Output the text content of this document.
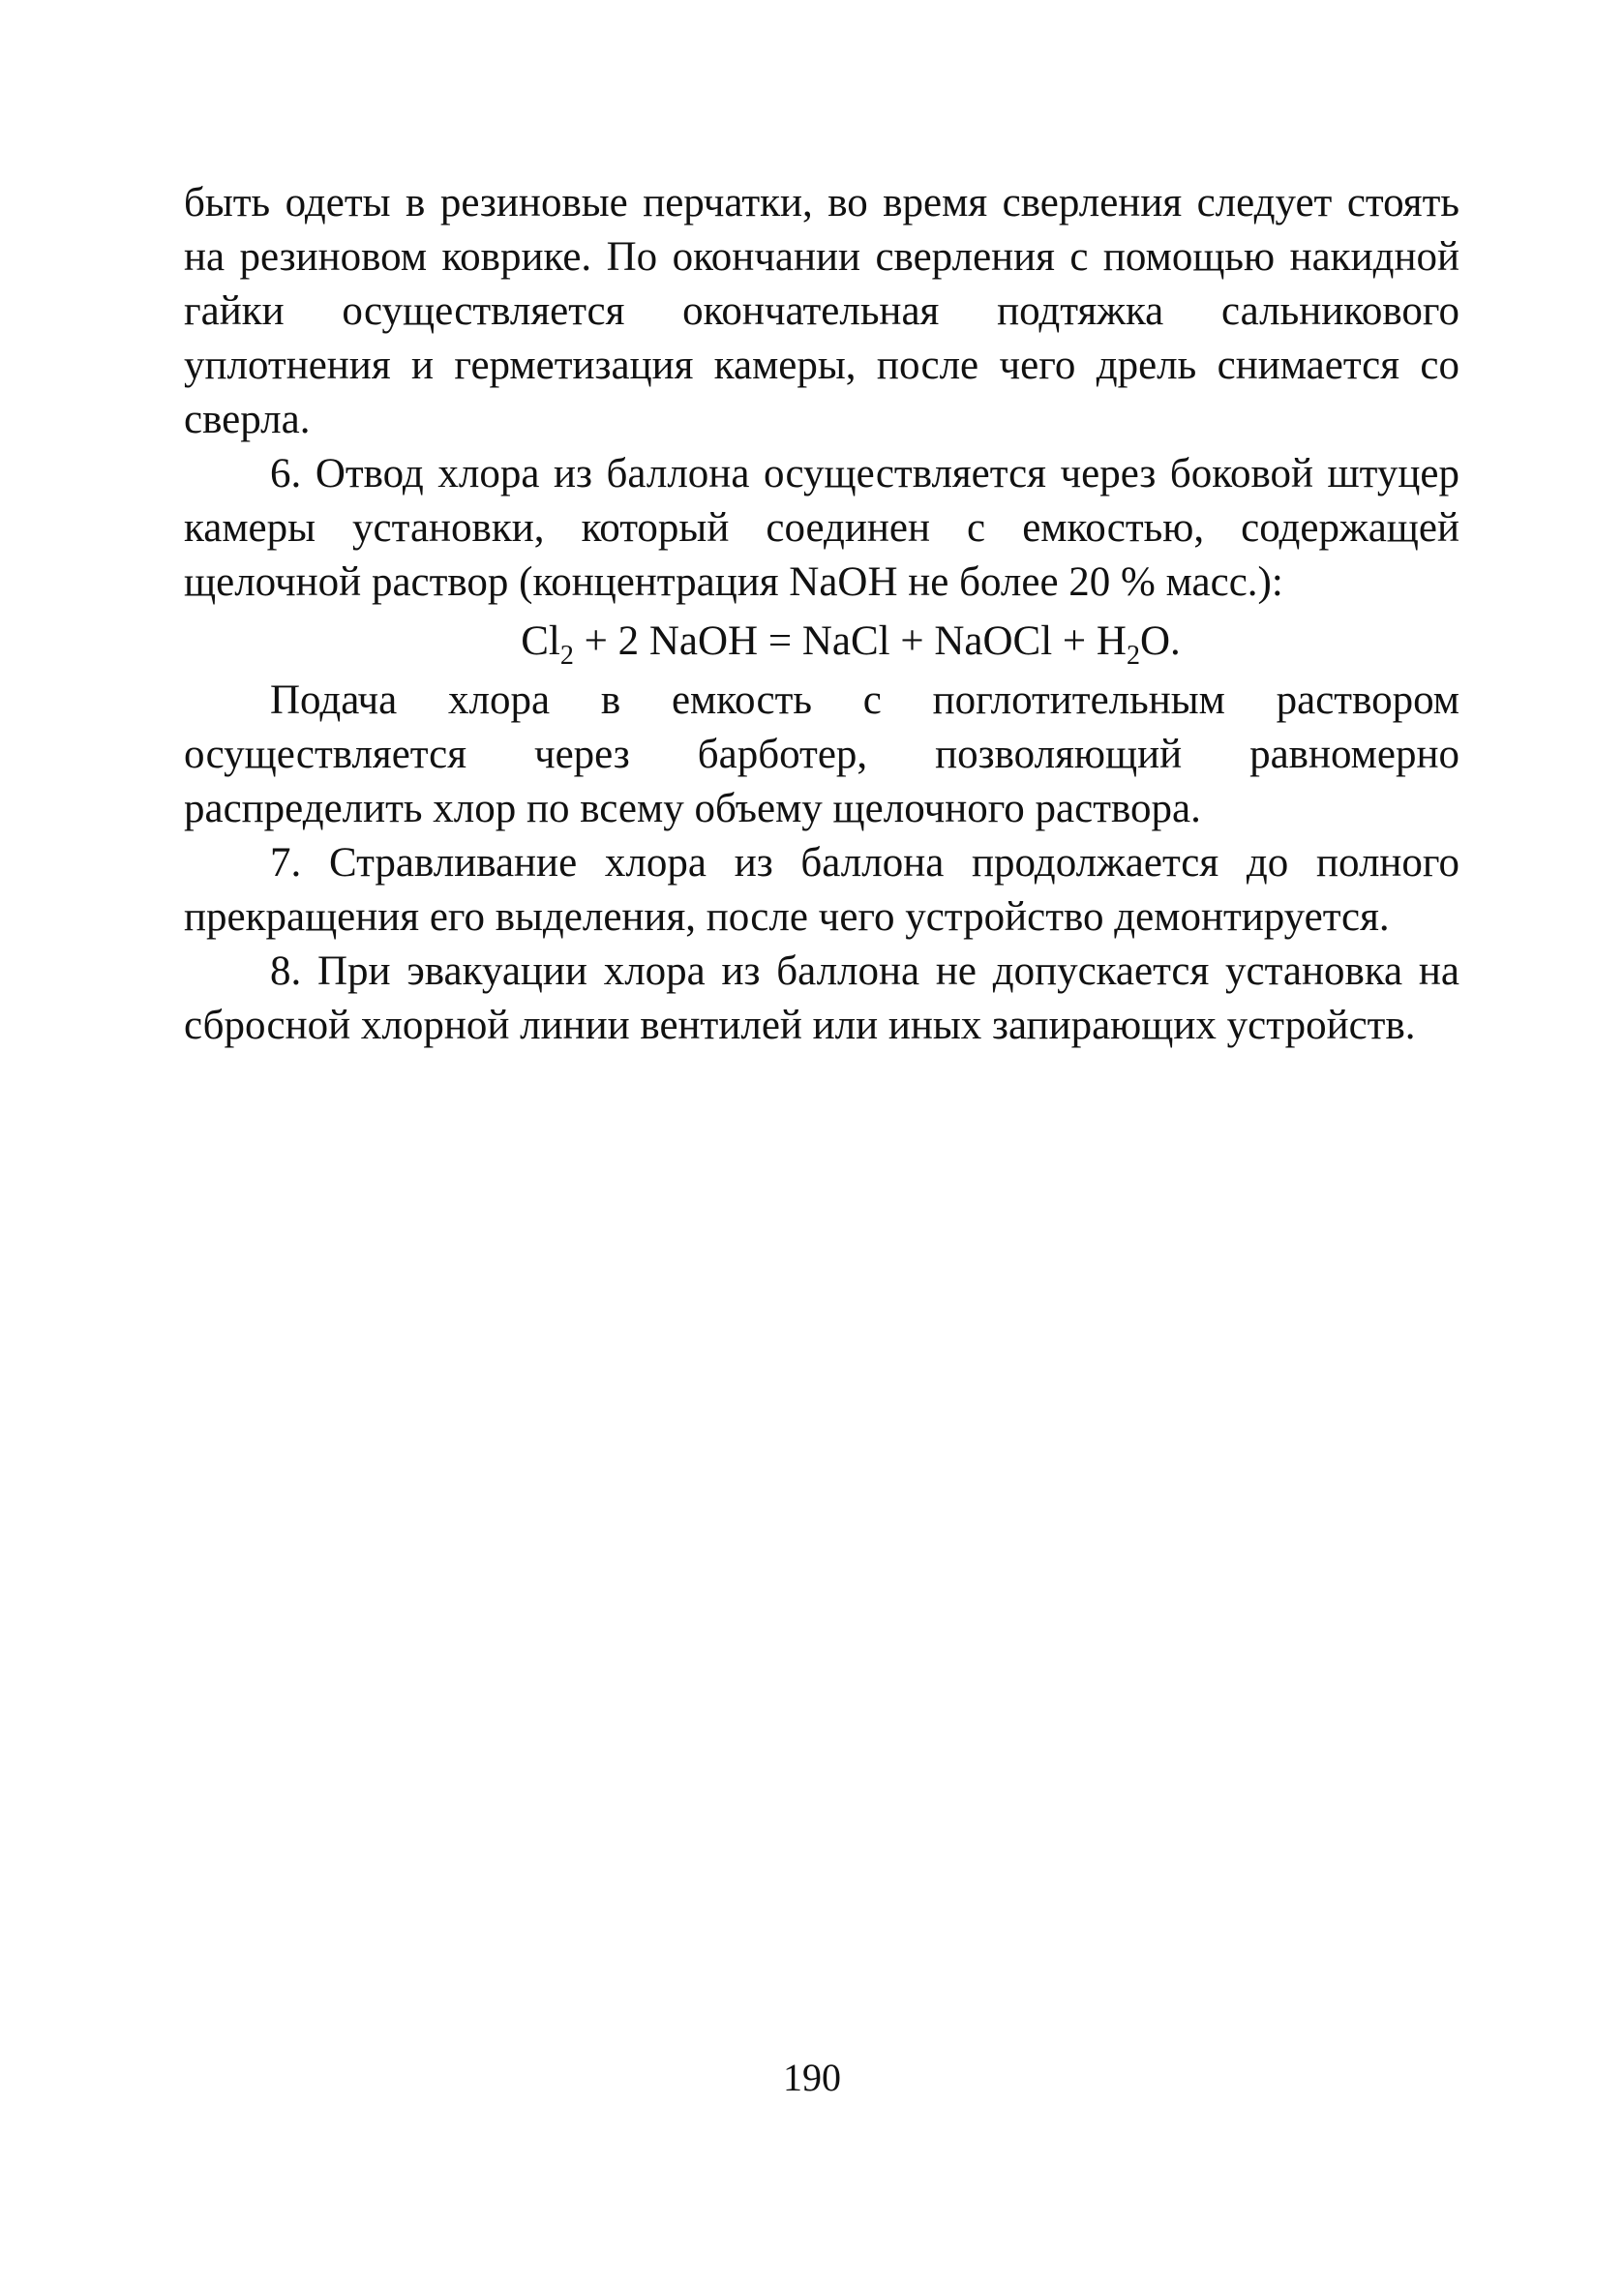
быть одеты в резиновые перчатки, во время сверления следует стоять на резиновом коврике. По окончании сверления с помощью накидной гайки осуществляется окончательная подтяжка сальникового уплотнения и герметизация камеры, после чего дрель снимается со сверла.

6. Отвод хлора из баллона осуществляется через боковой штуцер камеры установки, который соединен с емкостью, содержащей щелочной раствор (концентрация NaOH не более 20 % масс.):

$Cl_2 + 2$ NaOH = NaCl + NaOCl + $H_2O$.

Подача хлора в емкость с поглотительным раствором осуществляется через барботер, позволяющий равномерно распределить хлор по всему объему щелочного раствора.

7. Стравливание хлора из баллона продолжается до полного прекращения его выделения, после чего устройство демонтируется.

8. При эвакуации хлора из баллона не допускается установка на сбросной хлорной линии вентилей или иных запирающих устройств.

190
